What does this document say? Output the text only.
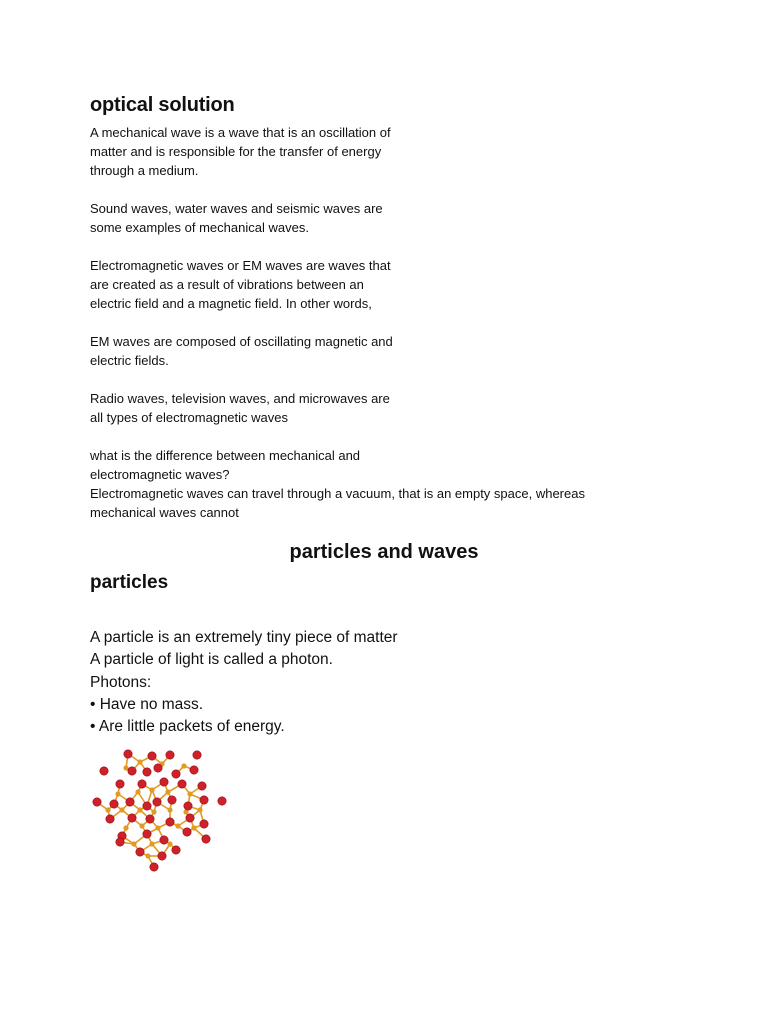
optical solution

A mechanical wave is a wave that is an oscillation of

matter and is responsible for the transfer of energy

through a medium.

Sound waves, water waves and seismic waves are

some examples of mechanical waves.

Electromagnetic waves or EM waves are waves that

are created as a result of vibrations between an

electric field and a magnetic field. In other words,

EM waves are composed of oscillating magnetic and

electric fields.

Radio waves, television waves, and microwaves are

all types of electromagnetic waves

what is the difference between mechanical and

electromagnetic waves?

Electromagnetic waves can travel through a vacuum, that is an empty space, whereas

mechanical waves cannot

particles and waves
particles

A particle is an extremely tiny piece of matter

A particle of light is called a photon.

Photons:

• Have no mass.

• Are little packets of energy.
